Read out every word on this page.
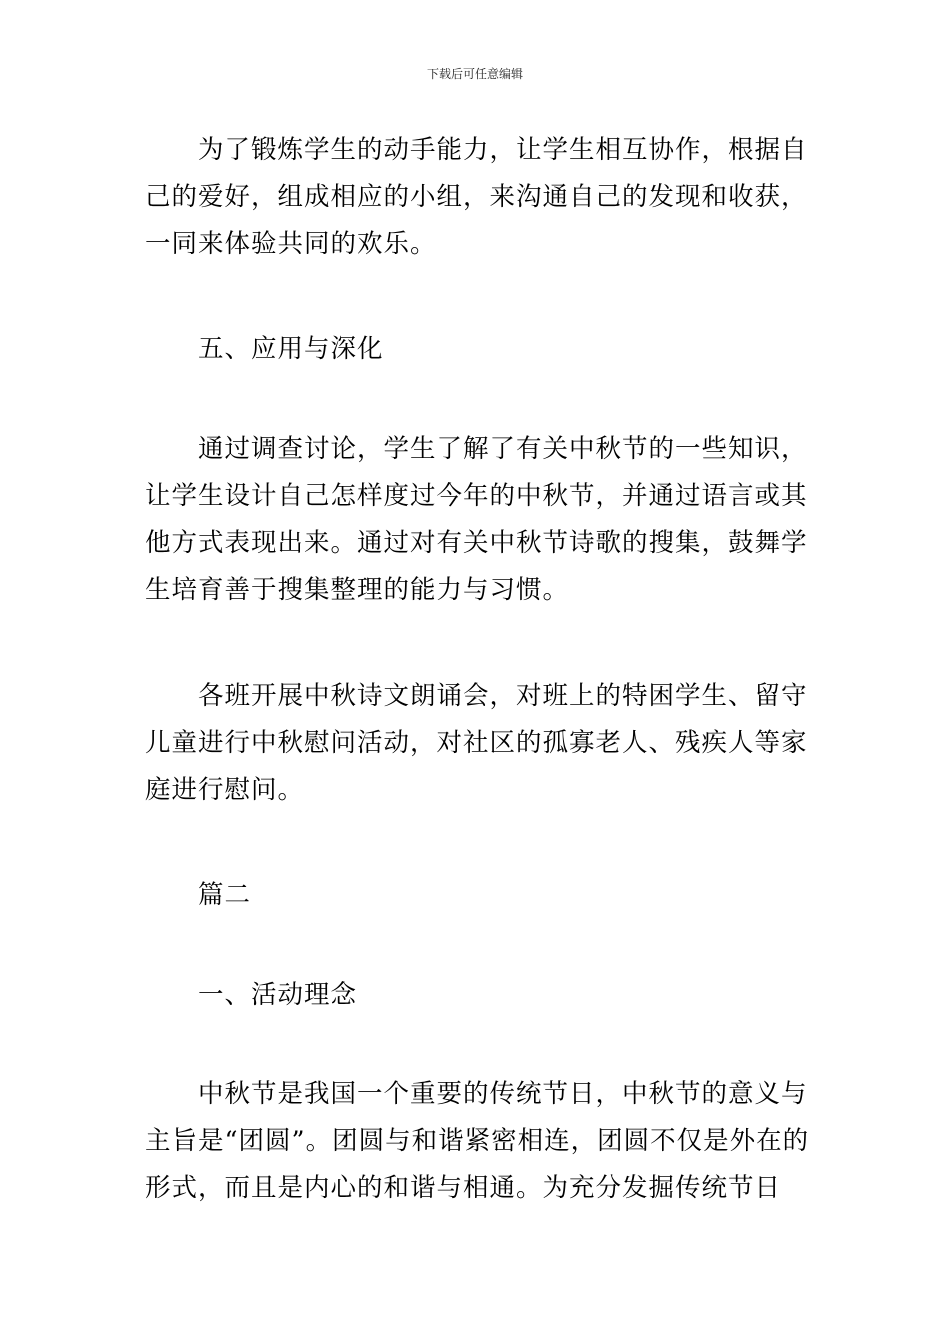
下载后可任意编辑

为了锻炼学生的动手能力，让学生相互协作，根据自己的爱好，组成相应的小组，来沟通自己的发现和收获，一同来体验共同的欢乐。

五、应用与深化

通过调查讨论，学生了解了有关中秋节的一些知识，让学生设计自己怎样度过今年的中秋节，并通过语言或其他方式表现出来。通过对有关中秋节诗歌的搜集，鼓舞学生培育善于搜集整理的能力与习惯。

各班开展中秋诗文朗诵会，对班上的特困学生、留守儿童进行中秋慰问活动，对社区的孤寡老人、残疾人等家庭进行慰问。

篇二

一、活动理念

中秋节是我国一个重要的传统节日，中秋节的意义与主旨是“团圆”。团圆与和谐紧密相连，团圆不仅是外在的形式，而且是内心的和谐与相通。为充分发掘传统节日
